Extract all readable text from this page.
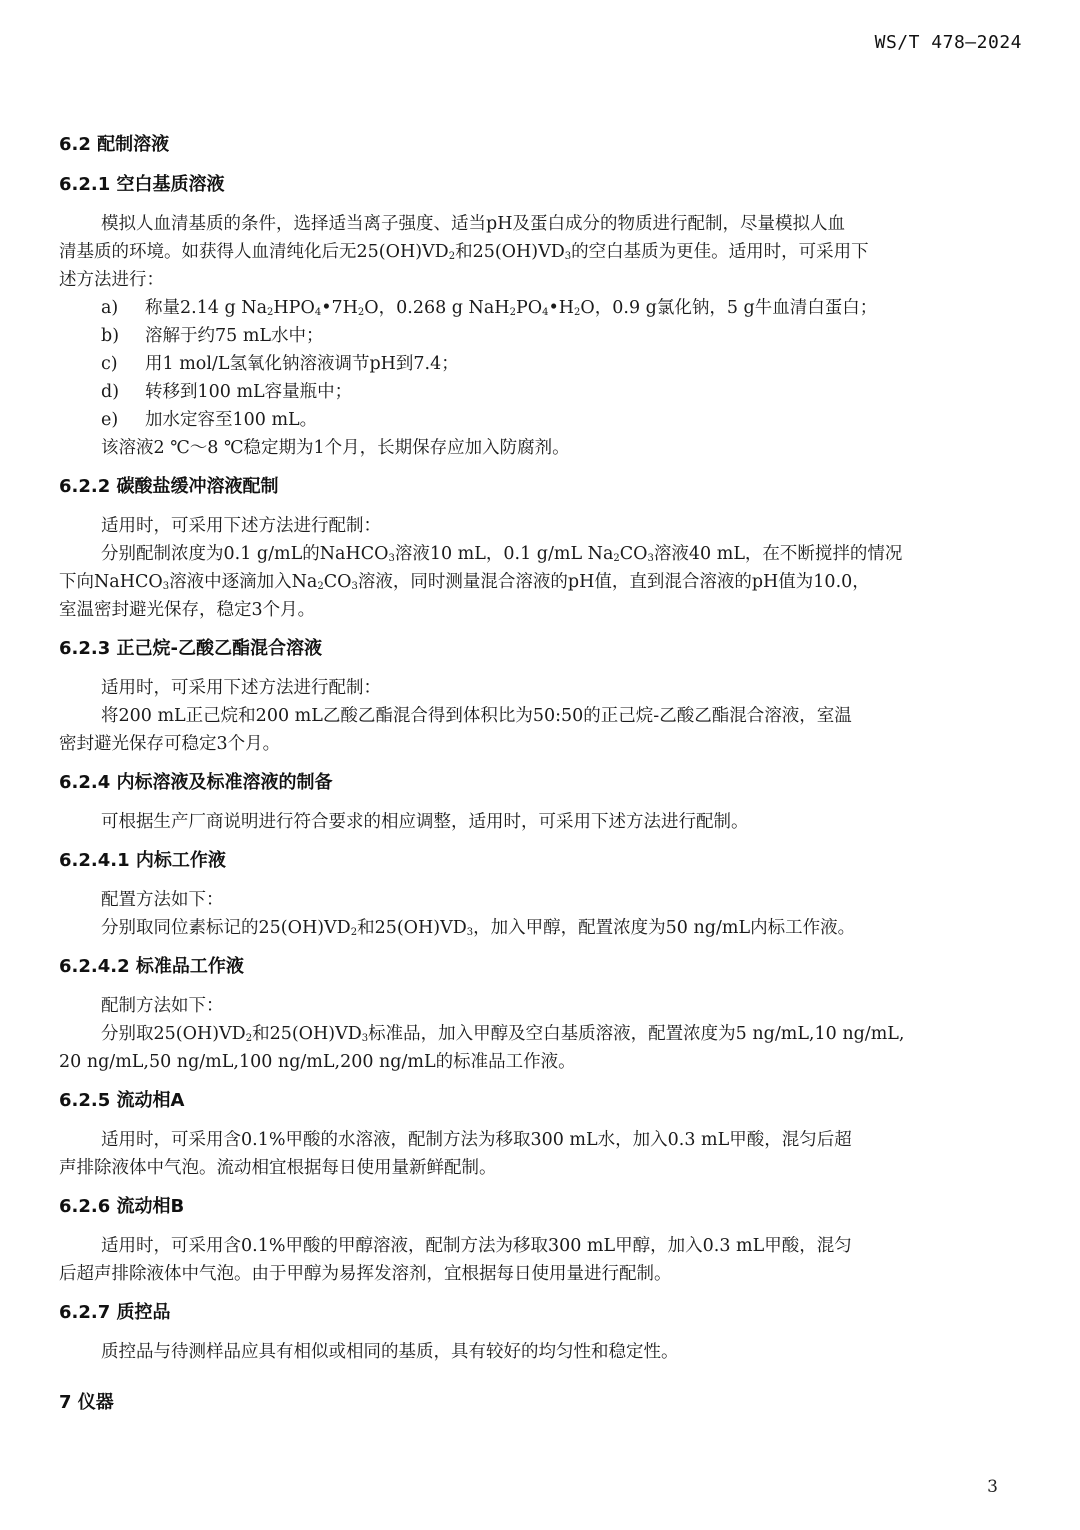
WS/T 478—2024
6.2 配制溶液
6.2.1 空白基质溶液

模拟人血清基质的条件，选择适当离子强度、适当pH及蛋白成分的物质进行配制，尽量模拟人血
清基质的环境。如获得人血清纯化后无$25(OH)VD_2$和$25(OH)VD_3$的空白基质为更佳。适用时，可采用下
述方法进行：

a)	称量2.14 g $Na_2HPO_4•7H_2O$，0.268 g $NaH_2PO_4•H_2O$，0.9 g氯化钠，5 g牛血清白蛋白；
b)	溶解于约75 mL水中；
c)	用1 mol/L氢氧化钠溶液调节pH到7.4；
d)	转移到100 mL容量瓶中；
e)	加水定容至100 mL。

该溶液2 ℃～8 ℃稳定期为1个月，长期保存应加入防腐剂。

6.2.2 碳酸盐缓冲溶液配制

适用时，可采用下述方法进行配制：

分别配制浓度为0.1 g/mL的NaHCO$_3$溶液10 mL，0.1 g/mL $Na_2CO_3$溶液40 mL，在不断搅拌的情况
下向NaHCO$_3$溶液中逐滴加入$Na_2CO_3$溶液，同时测量混合溶液的pH值，直到混合溶液的pH值为10.0，
室温密封避光保存，稳定3个月。

6.2.3 正己烷-乙酸乙酯混合溶液

适用时，可采用下述方法进行配制：

将200 mL正己烷和200 mL乙酸乙酯混合得到体积比为50:50的正己烷-乙酸乙酯混合溶液，室温
密封避光保存可稳定3个月。

6.2.4 内标溶液及标准溶液的制备

可根据生产厂商说明进行符合要求的相应调整，适用时，可采用下述方法进行配制。

6.2.4.1 内标工作液

配置方法如下：

分别取同位素标记的$25(OH)VD_2$和$25(OH)VD_3$，加入甲醇，配置浓度为50 ng/mL内标工作液。

6.2.4.2 标准品工作液

配制方法如下：

分别取$25(OH)VD_2$和$25(OH)VD_3$标准品，加入甲醇及空白基质溶液，配置浓度为5 ng/mL,10 ng/mL,
20 ng/mL,50 ng/mL,100 ng/mL,200 ng/mL的标准品工作液。

6.2.5 流动相A

适用时，可采用含0.1%甲酸的水溶液，配制方法为移取300 mL水，加入0.3 mL甲酸，混匀后超
声排除液体中气泡。流动相宜根据每日使用量新鲜配制。

6.2.6 流动相B

适用时，可采用含0.1%甲酸的甲醇溶液，配制方法为移取300 mL甲醇，加入0.3 mL甲酸，混匀
后超声排除液体中气泡。由于甲醇为易挥发溶剂，宜根据每日使用量进行配制。

6.2.7 质控品

质控品与待测样品应具有相似或相同的基质，具有较好的均匀性和稳定性。

7 仪器
3
